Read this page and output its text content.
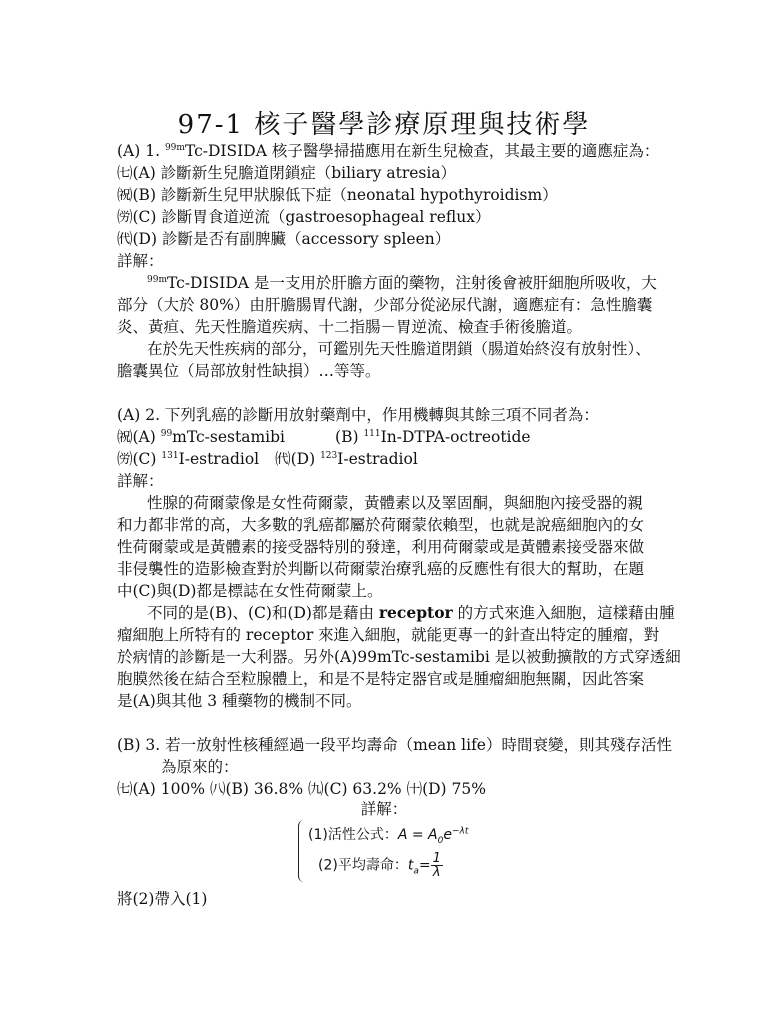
97-1 核子醫學診療原理與技術學
(A) 1. $^{99m}$Tc-DISIDA 核子醫學掃描應用在新生兒檢查，其最主要的適應症為：
㈦(A) 診斷新生兒膽道閉鎖症（biliary atresia）
㈷(B) 診斷新生兒甲狀腺低下症（neonatal hypothyroidism）
㈸(C) 診斷胃食道逆流（gastroesophageal reflux）
㈹(D) 診斷是否有副脾臟（accessory spleen）
詳解：
$^{99m}$Tc-DISIDA 是一支用於肝膽方面的藥物，注射後會被肝細胞所吸收，大
部分（大於 80%）由肝膽腸胃代謝，少部分從泌尿代謝，適應症有：急性膽囊
炎、黃疸、先天性膽道疾病、十二指腸－胃逆流、檢查手術後膽道。
在於先天性疾病的部分，可鑑別先天性膽道閉鎖（腸道始終沒有放射性）、
膽囊異位（局部放射性缺損）…等等。
(A) 2. 下列乳癌的診斷用放射藥劑中，作用機轉與其餘三項不同者為：
㈷(A) $^{99}$mTc-sestamibi	(B) $^{111}$In-DTPA-octreotide
㈸(C) $^{131}$I-estradiol ㈹(D) $^{123}$I-estradiol
詳解：
性腺的荷爾蒙像是女性荷爾蒙，黃體素以及睪固酮，與細胞內接受器的親
和力都非常的高，大多數的乳癌都屬於荷爾蒙依賴型，也就是說癌細胞內的女
性荷爾蒙或是黃體素的接受器特別的發達，利用荷爾蒙或是黃體素接受器來做
非侵襲性的造影檢查對於判斷以荷爾蒙治療乳癌的反應性有很大的幫助，在題
中(C)與(D)都是標誌在女性荷爾蒙上。
不同的是(B)、(C)和(D)都是藉由 receptor 的方式來進入細胞，這樣藉由腫
瘤細胞上所特有的 receptor 來進入細胞，就能更專一的針查出特定的腫瘤，對
於病情的診斷是一大利器。另外(A)99mTc-sestamibi 是以被動擴散的方式穿透細
胞膜然後在結合至粒腺體上，和是不是特定器官或是腫瘤細胞無關，因此答案
是(A)與其他 3 種藥物的機制不同。
(B) 3. 若一放射性核種經過一段平均壽命（mean life）時間衰變，則其殘存活性
為原來的：
㈦(A) 100% ㈧(B) 36.8% ㈨(C) 63.2% ㈩(D) 75%
詳解：
(1)活性公式：$A = A_0e^{-\lambda t}$
(2)平均壽命：$t_a= \frac{1}{\lambda}$
將(2)帶入(1)
